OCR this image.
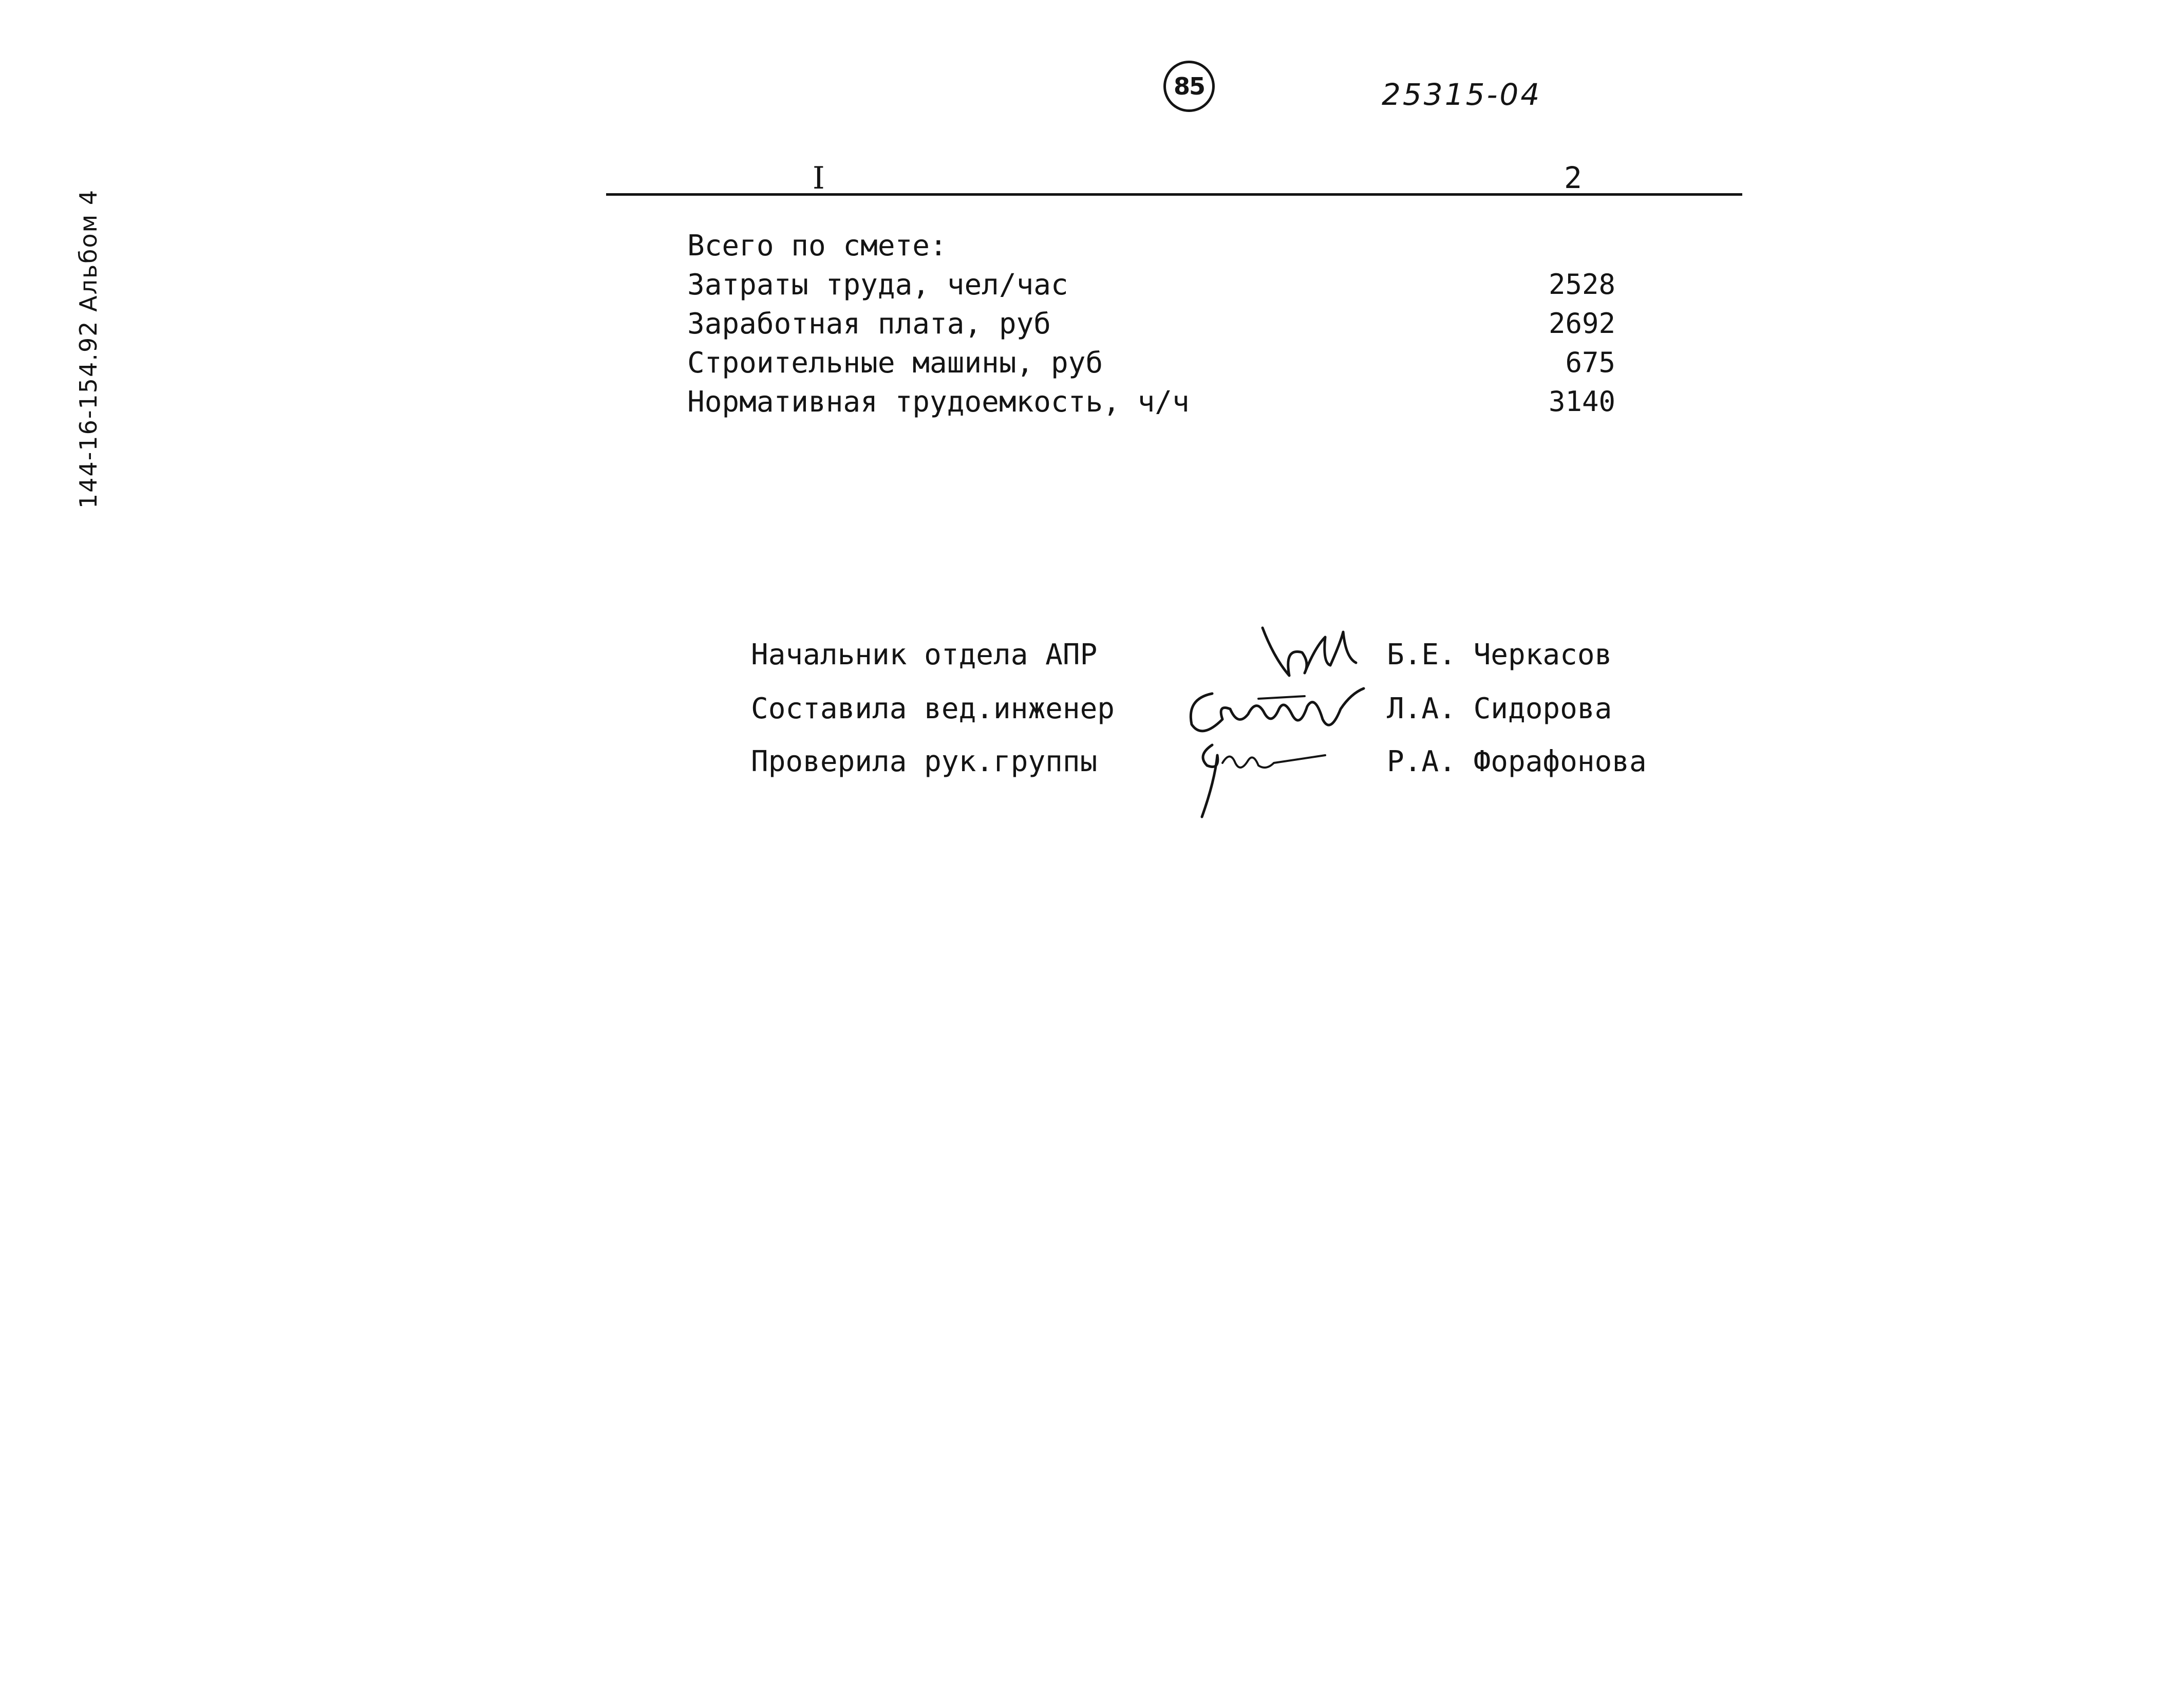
85	25315-04
144-16-154.92 Альбом 4
I	2
Всего по смете:
Затраты труда, чел/час	2528
Заработная плата, руб	2692
Строительные машины, руб	675
Нормативная трудоемкость, ч/ч	3140
Начальник отдела АПР	Б.Е. Черкасов
Составила вед.инженер	Л.А. Сидорова
Проверила рук.группы	Р.А. Форафонова
